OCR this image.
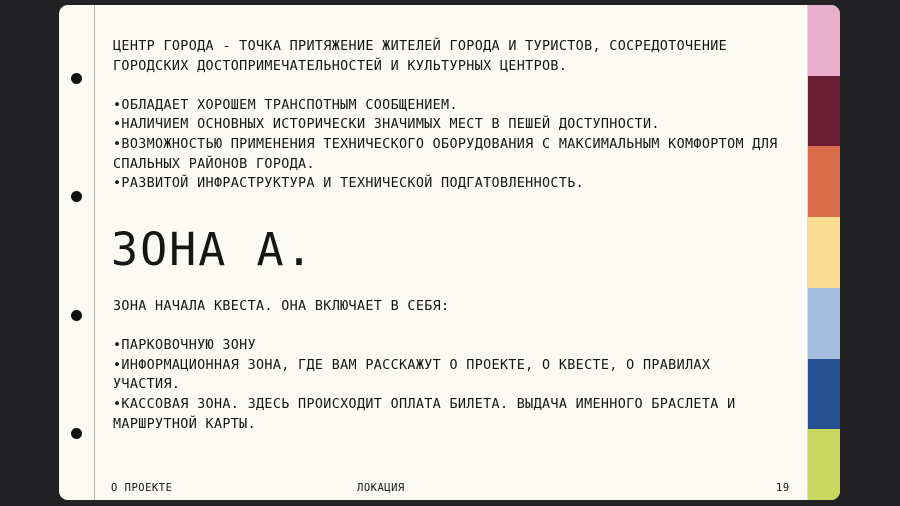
ЦЕНТР ГОРОДА - ТОЧКА ПРИТЯЖЕНИЕ ЖИТЕЛЕЙ ГОРОДА И ТУРИСТОВ, СОСРЕДОТОЧЕНИЕ ГОРОДСКИХ ДОСТОПРИМЕЧАТЕЛЬНОСТЕЙ И КУЛЬТУРНЫХ ЦЕНТРОВ.

•ОБЛАДАЕТ ХОРОШЕМ ТРАНСПОТНЫМ СООБЩЕНИЕМ.

•НАЛИЧИЕМ ОСНОВНЫХ ИСТОРИЧЕСКИ ЗНАЧИМЫХ МЕСТ В ПЕШЕЙ ДОСТУПНОСТИ.

•ВОЗМОЖНОСТЬЮ ПРИМЕНЕНИЯ ТЕХНИЧЕСКОГО ОБОРУДОВАНИЯ С МАКСИМАЛЬНЫМ КОМФОРТОМ ДЛЯ СПАЛЬНЫХ РАЙОНОВ ГОРОДА.

•РАЗВИТОЙ ИНФРАСТРУКТУРА И ТЕХНИЧЕСКОЙ ПОДГАТОВЛЕННОСТЬ.

ЗОНА А.

ЗОНА НАЧАЛА КВЕСТА. ОНА ВКЛЮЧАЕТ В СЕБЯ:

•ПАРКОВОЧНУЮ ЗОНУ

•ИНФОРМАЦИОННАЯ ЗОНА, ГДЕ ВАМ РАССКАЖУТ О ПРОЕКТЕ, О КВЕСТЕ, О ПРАВИЛАХ УЧАСТИЯ.

•КАССОВАЯ ЗОНА. ЗДЕСЬ ПРОИСХОДИТ ОПЛАТА БИЛЕТА. ВЫДАЧА ИМЕННОГО БРАСЛЕТА И МАРШРУТНОЙ КАРТЫ.

О ПРОЕКТЕ	ЛОКАЦИЯ	19
